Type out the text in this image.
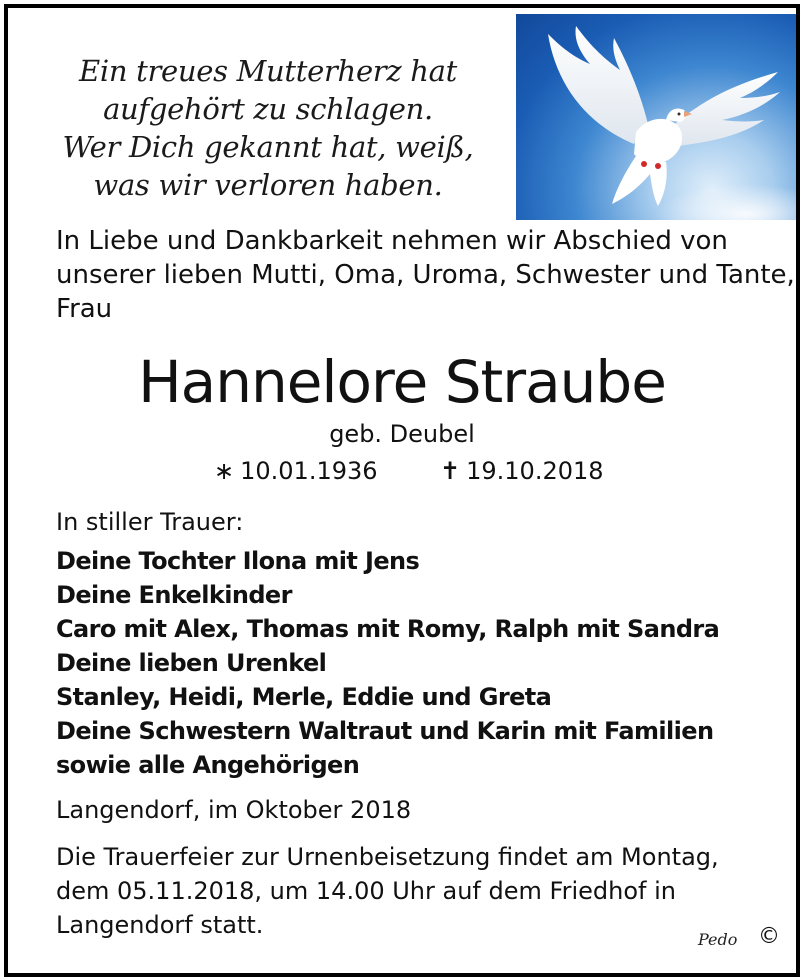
Ein treues Mutterherz hat
aufgehört zu schlagen.
Wer Dich gekannt hat, weiß,
was wir verloren haben.
In Liebe und Dankbarkeit nehmen wir Abschied von
unserer lieben Mutti, Oma, Uroma, Schwester und Tante,
Frau
Hannelore Straube
geb. Deubel
∗ 10.01.1936	✝ 19.10.2018
In stiller Trauer:
Deine Tochter Ilona mit Jens
Deine Enkelkinder
Caro mit Alex, Thomas mit Romy, Ralph mit Sandra
Deine lieben Urenkel
Stanley, Heidi, Merle, Eddie und Greta
Deine Schwestern Waltraut und Karin mit Familien
sowie alle Angehörigen
Langendorf, im Oktober 2018
Die Trauerfeier zur Urnenbeisetzung findet am Montag,
dem 05.11.2018, um 14.00 Uhr auf dem Friedhof in
Langendorf statt.
Pedo ©
